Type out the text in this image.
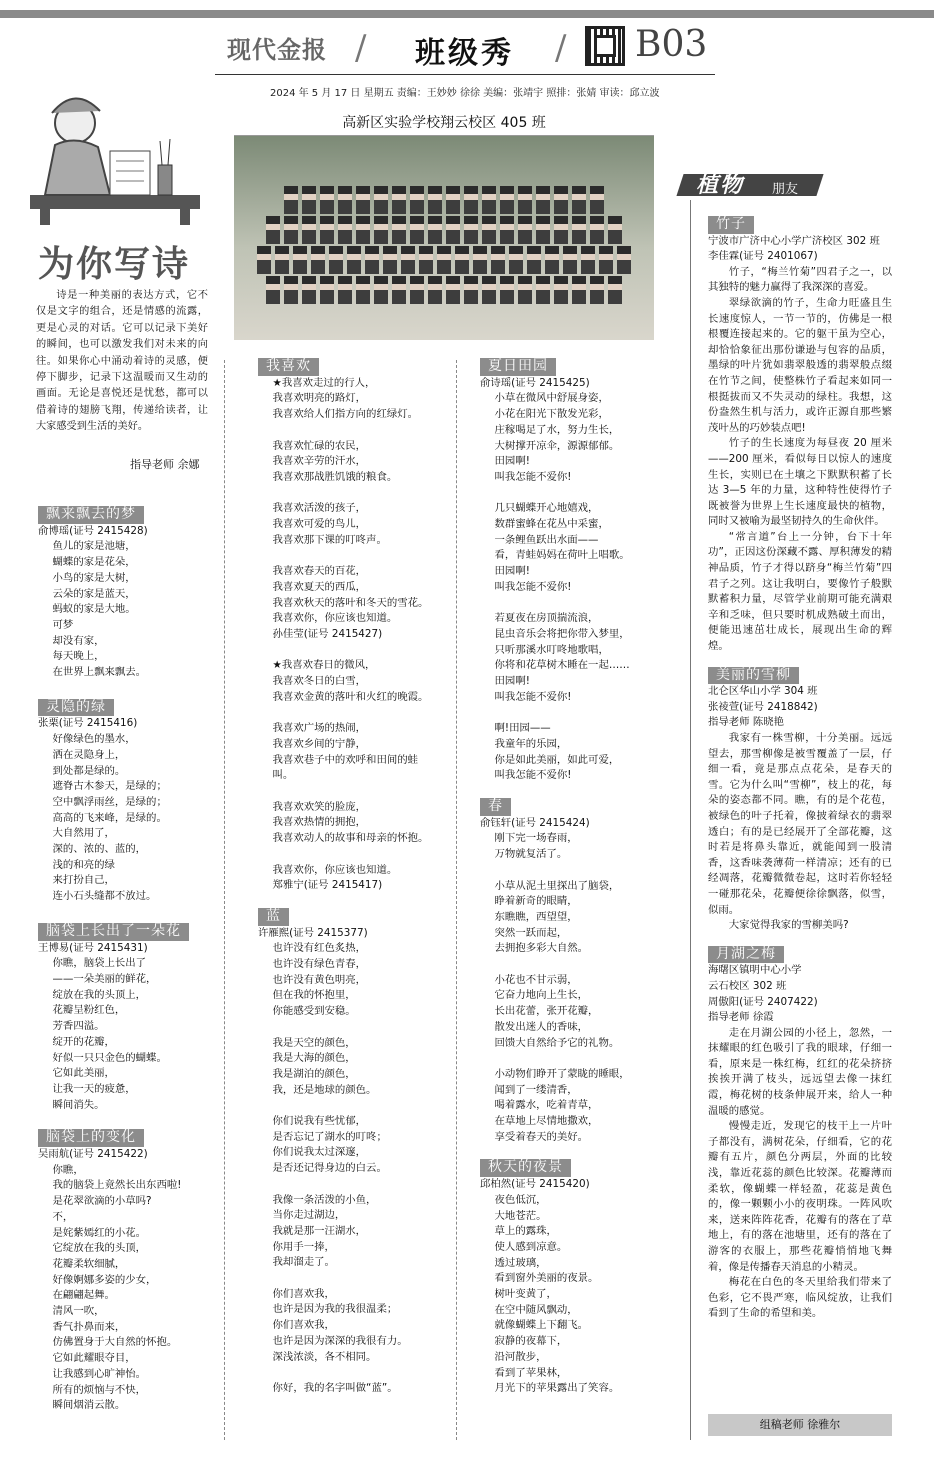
现代金报 / 班级秀 / B03
2024 年 5 月 17 日 星期五 责编：王妙妙 徐徐 美编：张靖宇 照排：张婧 审读：邱立波
为你写诗
诗是一种美丽的表达方式，它不仅是文字的组合，还是情感的流露，更是心灵的对话。它可以记录下美好的瞬间，也可以激发我们对未来的向往。如果你心中涌动着诗的灵感，便停下脚步，记录下这温暖而又生动的画面。无论是喜悦还是忧愁，都可以借着诗的翅膀飞翔，传递给读者，让大家感受到生活的美好。
指导老师 余娜
高新区实验学校翔云校区 405 班
飘来飘去的梦

俞博瑶(证号 2415428)

鱼儿的家是池塘，

蝴蝶的家是花朵，

小鸟的家是大树，

云朵的家是蓝天，

蚂蚁的家是大地。

可梦

却没有家，

每天晚上，

在世界上飘来飘去。

灵隐的绿

张栗(证号 2415416)

好像绿色的墨水，

洒在灵隐身上，

到处都是绿的。

遮脊古木参天，是绿的；

空中飘浮雨丝，是绿的；

高高的飞来峰，是绿的。

大自然用了，

深的、浓的、蓝的，

浅的和亮的绿

来打扮自己，

连小石头缝都不放过。

脑袋上长出了一朵花

王博易(证号 2415431)

你瞧，脑袋上长出了

——一朵美丽的鲜花，

绽放在我的头顶上，

花瓣呈粉红色，

芳香四溢。

绽开的花瓣，

好似一只只金色的蝴蝶。

它如此美丽，

让我一天的疲惫，

瞬间消失。

脑袋上的变化

吴雨航(证号 2415422)

你瞧，

我的脑袋上竟然长出东西啦!

是花翠欲滴的小草吗?

不，

是姹紫嫣红的小花。

它绽放在我的头顶，

花瓣柔软细腻，

好像婀娜多姿的少女，

在翩翩起舞。

清风一吹，

香气扑鼻而来，

仿佛置身于大自然的怀抱。

它如此耀眼夺目，

让我感到心旷神怡。

所有的烦恼与不快，

瞬间烟消云散。

我喜欢

★我喜欢走过的行人，

我喜欢明亮的路灯，

我喜欢给人们指方向的红绿灯。

我喜欢忙碌的农民，

我喜欢辛劳的汗水，

我喜欢那战胜饥饿的粮食。

我喜欢活泼的孩子，

我喜欢可爱的鸟儿，

我喜欢那下课的叮咚声。

我喜欢春天的百花，

我喜欢夏天的西瓜，

我喜欢秋天的落叶和冬天的雪花。

我喜欢你，你应该也知道。

孙佳莹(证号 2415427)

★我喜欢春日的微风，

我喜欢冬日的白雪，

我喜欢金黄的落叶和火红的晚霞。

我喜欢广场的热闹，

我喜欢乡间的宁静，

我喜欢巷子中的欢呼和田间的蛙叫。

我喜欢欢笑的脸庞，

我喜欢热情的拥抱，

我喜欢动人的故事和母亲的怀抱。

我喜欢你，你应该也知道。

郑雅宁(证号 2415417)

蓝

许雁熙(证号 2415377)

也许没有红色炙热，

也许没有绿色青春，

也许没有黄色明亮，

但在我的怀抱里，

你能感受到安稳。

我是天空的颜色，

我是大海的颜色，

我是湖泊的颜色，

我，还是地球的颜色。

你们说我有些忧郁，

是否忘记了湖水的叮咚；

你们说我太过深邃，

是否还记得身边的白云。

我像一条活泼的小鱼，

当你走过湖边，

我就是那一汪湖水，

你用手一捧，

我却溜走了。

你们喜欢我，

也许是因为我的我很温柔；

你们喜欢我，

也许是因为深深的我很有力。

深浅浓淡，各不相同。

你好，我的名字叫做“蓝”。

夏日田园

俞诗瑶(证号 2415425)

小草在微风中舒展身姿，

小花在阳光下散发光彩，

庄稼喝足了水，努力生长，

大树撑开凉伞，源源郁郁。

田园啊!

叫我怎能不爱你!

几只蝴蝶开心地嬉戏，

数群蜜蜂在花丛中采蜜，

一条鲤鱼跃出水面——

看，青蛙妈妈在荷叶上唱歌。

田园啊!

叫我怎能不爱你!

若夏夜在房顶揣流浪，

昆虫音乐会将把你带入梦里，

只听那溪水叮咚地歌唱，

你将和花草树木睡在一起……

田园啊!

叫我怎能不爱你!

啊!田园——

我童年的乐园，

你是如此美丽，如此可爱，

叫我怎能不爱你!

春

俞钰轩(证号 2415424)

刚下完一场春雨，

万物就复活了。

小草从泥土里探出了脑袋，

睁着新奇的眼睛，

东瞧瞧，西望望，

突然一跃而起，

去拥抱多彩大自然。

小花也不甘示弱，

它奋力地向上生长，

长出花蕾，张开花瓣，

散发出迷人的香味，

回馈大自然给予它的礼物。

小动物们睁开了蒙眬的睡眼，

闻到了一缕清香，

喝着露水，吃着青草，

在草地上尽情地撒欢，

享受着春天的美好。

秋天的夜景

邱柏然(证号 2415420)

夜色低沉，

大地苍茫。

草上的露珠，

使人感到凉意。

透过玻璃，

看到窗外美丽的夜景。

树叶变黄了，

在空中随风飘动，

就像蝴蝶上下翻飞。

寂静的夜幕下，

沿河散步，

看到了苹果林，

月光下的苹果露出了笑容。

植物 朋友
竹子

宁波市广济中心小学广济校区 302 班

李佳霖(证号 2401067)

竹子，“梅兰竹菊”四君子之一，以其独特的魅力赢得了我深深的喜爱。

翠绿欲滴的竹子，生命力旺盛且生长速度惊人，一节一节的，仿佛是一根根覆连接起来的。它的躯干虽为空心，却恰恰象征出那份谦逊与包容的品质，墨绿的叶片犹如翡翠般透的翡翠般点缀在竹节之间，使整株竹子看起来如同一根挺拔而又不失灵动的绿柱。我想，这份盎然生机与活力，或许正源自那些繁茂叶丛的巧妙装点吧!

竹子的生长速度为每昼夜 20 厘米——200 厘米，看似每日以惊人的速度生长，实则已在土壤之下默默积蓄了长达 3—5 年的力量，这种特性使得竹子既被誉为世界上生长速度最快的植物，同时又被喻为最坚韧持久的生命伙伴。

“常言道”台上一分钟，台下十年功”，正因这份深藏不露、厚积薄发的精神品质，竹子才得以跻身“梅兰竹菊”四君子之列。这让我明白，要像竹子般默默蓄积力量，尽管学业前期可能充满艰辛和乏味，但只要时机成熟破土而出，便能迅速茁壮成长，展现出生命的辉煌。

美丽的雪柳

北仑区华山小学 304 班

张祾萱(证号 2418842)

指导老师 陈晓艳

我家有一株雪柳，十分美丽。远远望去，那雪柳像是被雪覆盖了一层，仔细一看，竟是那点点花朵，是春天的雪。它为什么叫“雪柳”，枝上的花，每朵的姿态都不同。瞧，有的是个花苞，被绿色的叶子托着，像披着绿衣的翡翠透白；有的是已经展开了全部花瓣，这时若是将鼻头靠近，就能闻到一股清香，这香味袭薄荷一样清凉；还有的已经凋落，花瓣微微卷起，这时若你轻轻一碰那花朵，花瓣便徐徐飘落，似雪，似雨。

大家觉得我家的雪柳美吗?

月湖之梅

海曙区镇明中心小学

云石校区 302 班

周傲阳(证号 2407422)

指导老师 徐霞

走在月湖公园的小径上，忽然，一抹耀眼的红色吸引了我的眼球，仔细一看，原来是一株红梅，红红的花朵挤挤挨挨开满了枝头，远远望去像一抹红霞，梅花树的枝条伸展开来，给人一种温暖的感觉。

慢慢走近，发现它的枝干上一片叶子都没有，满树花朵，仔细看，它的花瓣有五片，颜色分两层，外面的比较浅，靠近花蕊的颜色比较深。花瓣薄而柔软，像蝴蝶一样轻盈，花蕊是黄色的，像一颗颗小小的夜明珠。一阵风吹来，送来阵阵花香，花瓣有的落在了草地上，有的落在池塘里，还有的落在了游客的衣服上，那些花瓣悄悄地飞舞着，像是传播春天消息的小精灵。

梅花在白色的冬天里给我们带来了色彩，它不畏严寒，临风绽放，让我们看到了生命的希望和美。

组稿老师 徐雅尔
